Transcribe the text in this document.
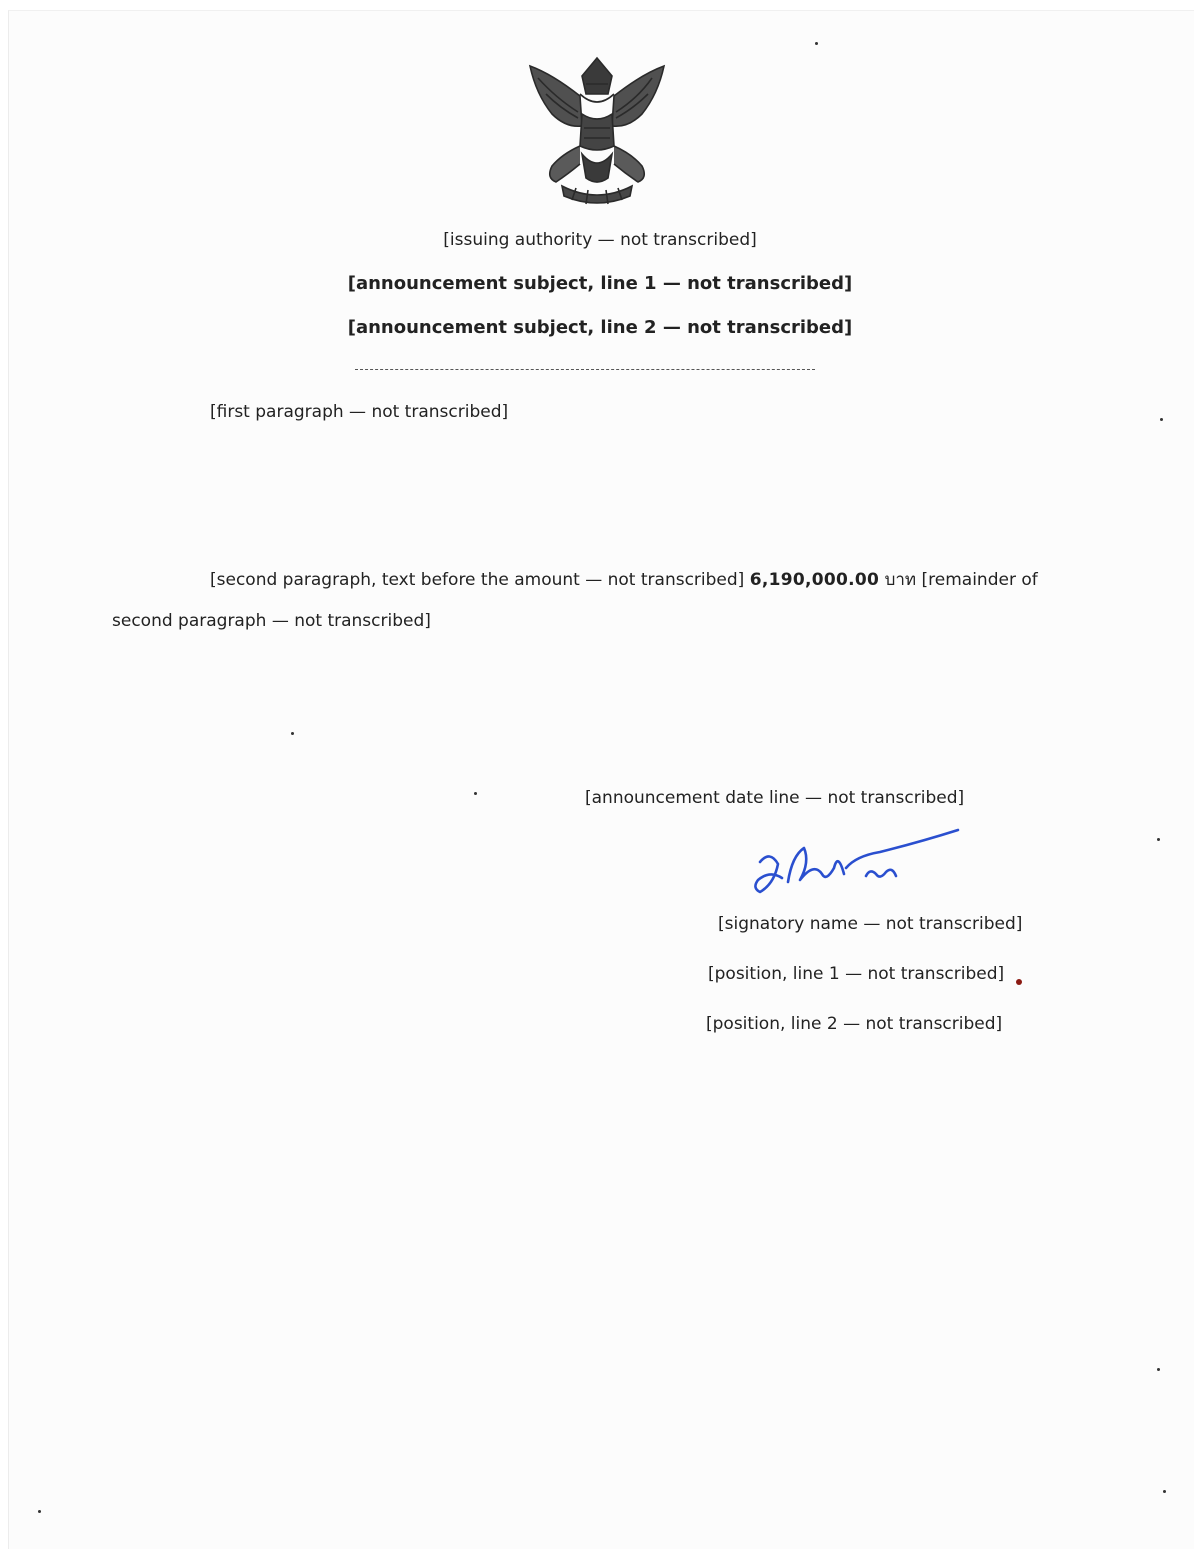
[issuing authority — not transcribed]
[announcement subject, line 1 — not transcribed]
[announcement subject, line 2 — not transcribed]
[first paragraph — not transcribed]
[second paragraph, text before the amount — not transcribed] 6,190,000.00 บาท [remainder of second paragraph — not transcribed]
[announcement date line — not transcribed]
[signatory name — not transcribed]
[position, line 1 — not transcribed]
[position, line 2 — not transcribed]
